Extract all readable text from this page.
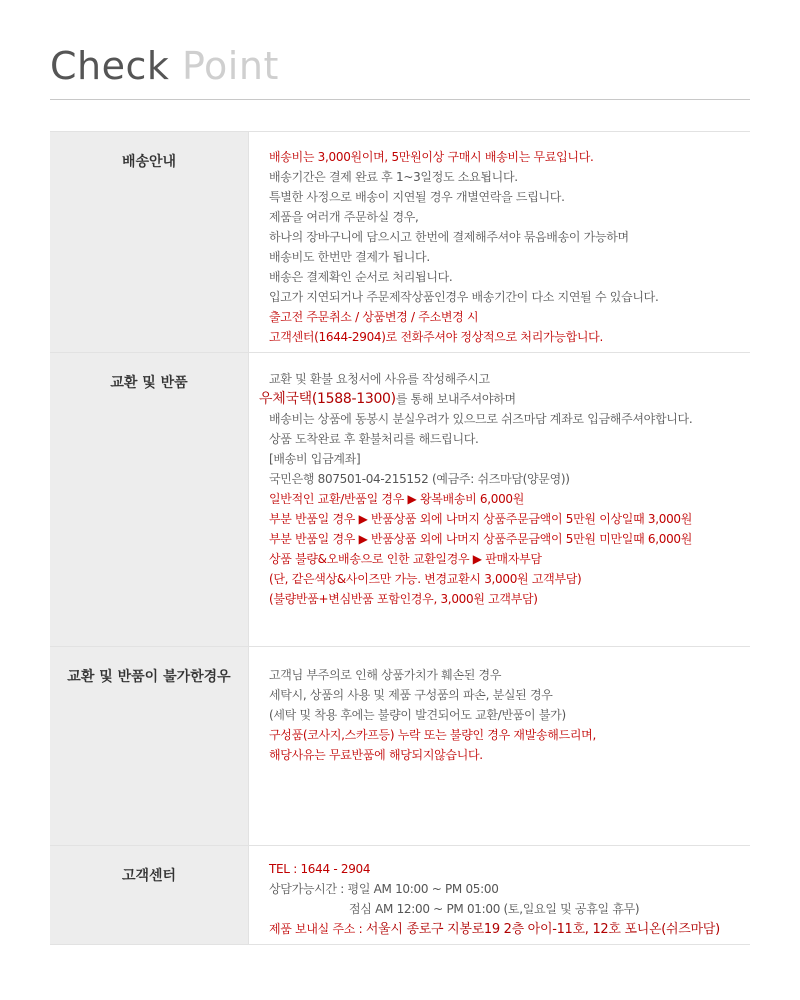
Check Point
배송안내	배송비는 3,000원이며, 5만원이상 구매시 배송비는 무료입니다.
배송기간은 결제 완료 후 1~3일정도 소요됩니다.
특별한 사정으로 배송이 지연될 경우 개별연락을 드립니다.
제품을 여러개 주문하실 경우,
하나의 장바구니에 담으시고 한번에 결제해주셔야 묶음배송이 가능하며
배송비도 한번만 결제가 됩니다.
배송은 결제확인 순서로 처리됩니다.
입고가 지연되거나 주문제작상품인경우 배송기간이 다소 지연될 수 있습니다.
출고전 주문취소 / 상품변경 / 주소변경 시
고객센터(1644-2904)로 전화주셔야 정상적으로 처리가능합니다.
교환 및 반품	교환 및 환불 요청서에 사유를 작성해주시고
우체국택(1588-1300)를 통해 보내주셔야하며
배송비는 상품에 동봉시 분실우려가 있으므로 쉬즈마담 계좌로 입금해주셔야합니다.
상품 도착완료 후 환불처리를 해드립니다.
[배송비 입금계좌]
국민은행 807501-04-215152 (예금주: 쉬즈마담(양문영))
일반적인 교환/반품일 경우 ▶ 왕복배송비 6,000원
부분 반품일 경우 ▶ 반품상품 외에 나머지 상품주문금액이 5만원 이상일때 3,000원
부분 반품일 경우 ▶ 반품상품 외에 나머지 상품주문금액이 5만원 미만일때 6,000원
상품 불량&오배송으로 인한 교환일경우 ▶ 판매자부담
(단, 같은색상&사이즈만 가능. 변경교환시 3,000원 고객부담)
(불량반품+변심반품 포함인경우, 3,000원 고객부담)
교환 및 반품이 불가한경우	고객님 부주의로 인해 상품가치가 훼손된 경우
세탁시, 상품의 사용 및 제품 구성품의 파손, 분실된 경우
(세탁 및 착용 후에는 불량이 발견되어도 교환/반품이 불가)
구성품(코사지,스카프등) 누락 또는 불량인 경우 재발송해드리며,
해당사유는 무료반품에 해당되지않습니다.
고객센터	TEL : 1644 - 2904
상담가능시간 : 평일 AM 10:00 ~ PM 05:00
점심 AM 12:00 ~ PM 01:00 (토,일요일 및 공휴일 휴무)
제품 보내실 주소 : 서울시 종로구 지봉로19 2층 아이-11호, 12호 포니온(쉬즈마담)
